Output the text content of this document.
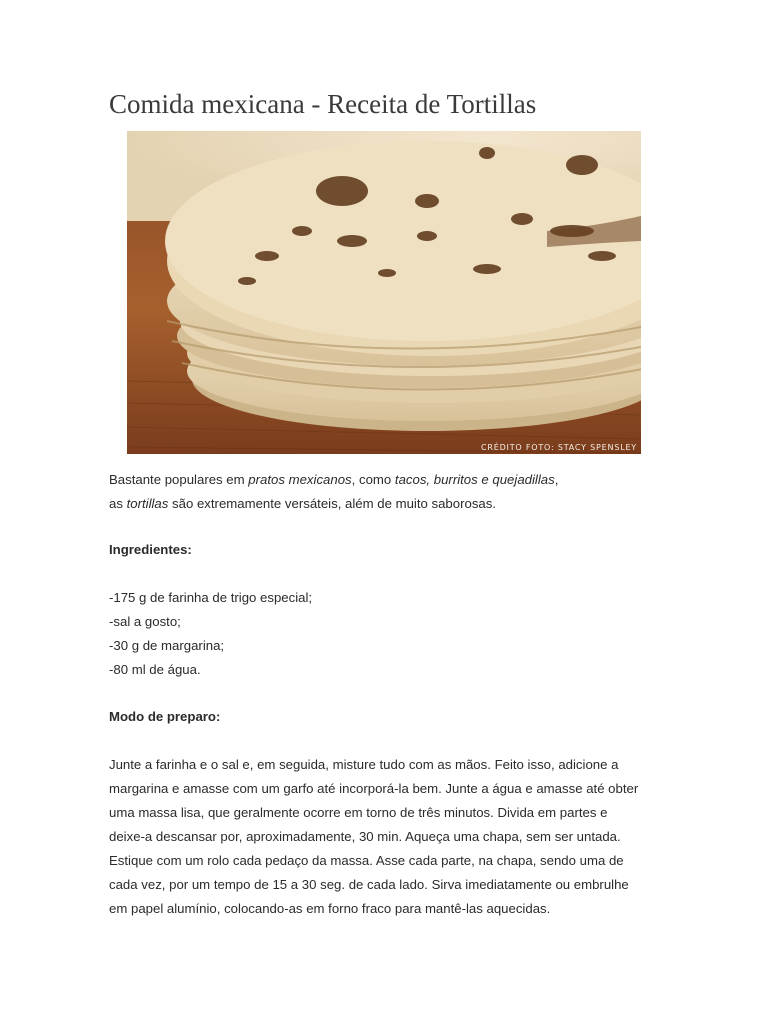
Comida mexicana - Receita de Tortillas
CRÉDITO FOTO: STACY SPENSLEY

Bastante populares em pratos mexicanos, como tacos, burritos e quejadillas,
as tortillas são extremamente versáteis, além de muito saborosas.

Ingredientes:

-175 g de farinha de trigo especial;
-sal a gosto;
-30 g de margarina;
-80 ml de água.

Modo de preparo:

Junte a farinha e o sal e, em seguida, misture tudo com as mãos. Feito isso, adicione a
margarina e amasse com um garfo até incorporá-la bem. Junte a água e amasse até obter
uma massa lisa, que geralmente ocorre em torno de três minutos. Divida em partes e
deixe-a descansar por, aproximadamente, 30 min. Aqueça uma chapa, sem ser untada.
Estique com um rolo cada pedaço da massa. Asse cada parte, na chapa, sendo uma de
cada vez, por um tempo de 15 a 30 seg. de cada lado. Sirva imediatamente ou embrulhe
em papel alumínio, colocando-as em forno fraco para mantê-las aquecidas.
